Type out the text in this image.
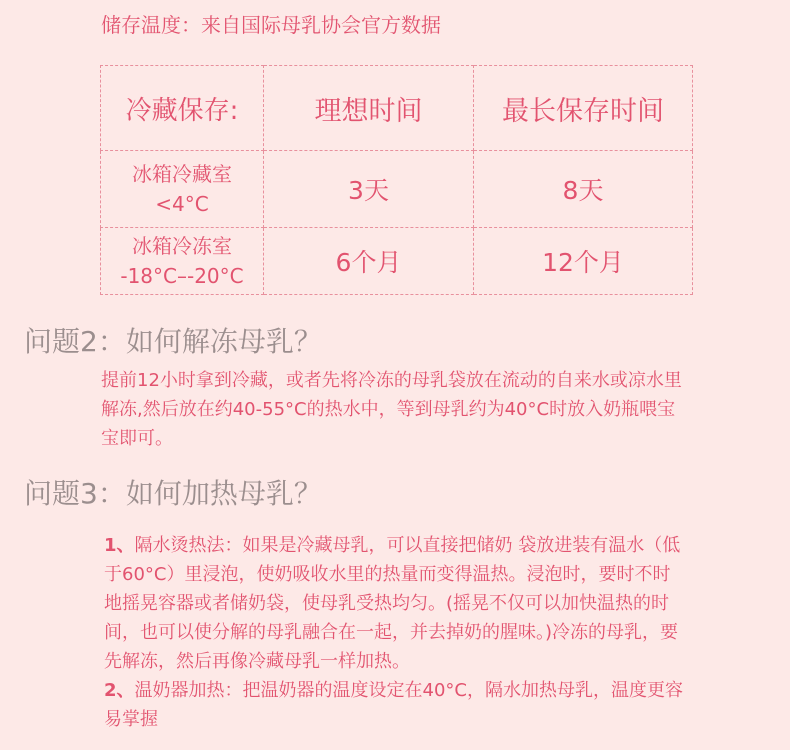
储存温度：来自国际母乳协会官方数据
冷藏保存:	理想时间	最长保存时间

冰箱冷藏室
<4°C	3天	8天

冰箱冷冻室
-18°C–-20°C	6个月	12个月
问题2：如何解冻母乳？
提前12小时拿到冷藏，或者先将冷冻的母乳袋放在流动的自来水或凉水里解冻,然后放在约40-55°C的热水中，等到母乳约为40°C时放入奶瓶喂宝宝即可。
问题3：如何加热母乳？

1、隔水烫热法：如果是冷藏母乳，可以直接把储奶 袋放进装有温水（低于60°C）里浸泡，使奶吸收水里的热量而变得温热。浸泡时，要时不时地摇晃容器或者储奶袋，使母乳受热均匀。(摇晃不仅可以加快温热的时间，也可以使分解的母乳融合在一起，并去掉奶的腥味。)冷冻的母乳，要先解冻，然后再像冷藏母乳一样加热。

2、温奶器加热：把温奶器的温度设定在40°C，隔水加热母乳，温度更容易掌握
